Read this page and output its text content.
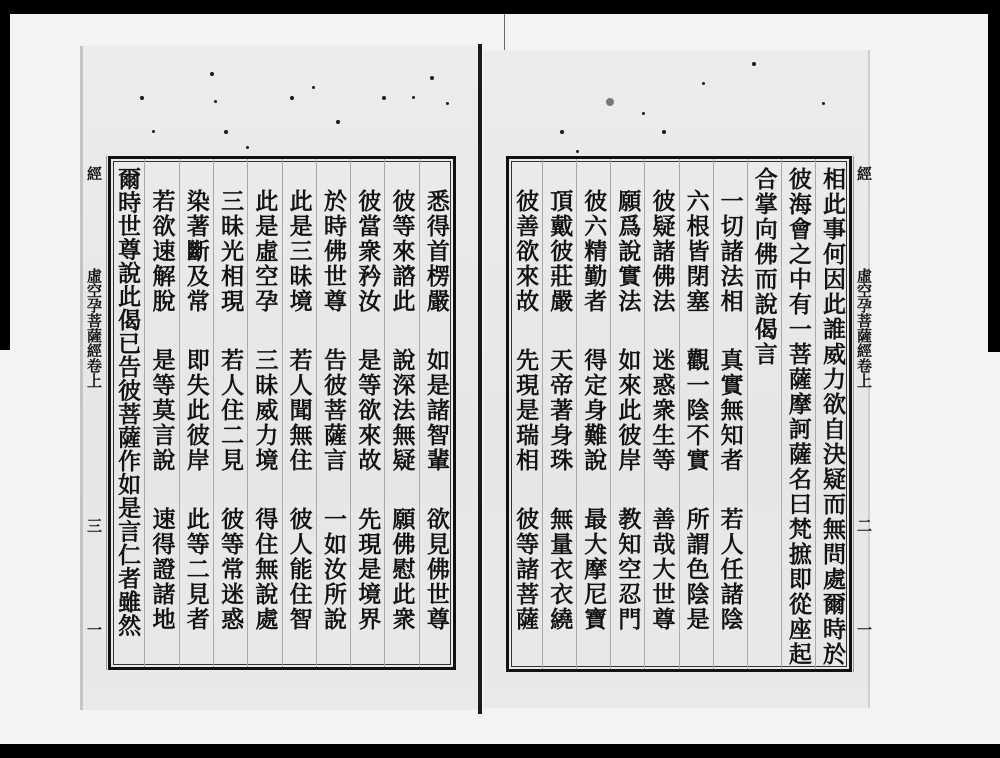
經
虛空孕菩薩經卷上
三
一
經
虛空孕菩薩經卷上
二
一
相此事何因此誰威力欲自決疑而無問處爾時於
彼海會之中有一菩薩摩訶薩名曰梵摭即從座起
合掌向佛而說偈言
一切諸法相
真實無知者
若人任諸陰
六根皆閉塞
觀一陰不實
所謂色陰是
彼疑諸佛法
迷惑衆生等
善哉大世尊
願爲說實法
如來此彼岸
教知空忍門
彼六精勤者
得定身難說
最大摩尼寶
頂戴彼莊嚴
天帝著身珠
無量衣衣繞
彼善欲來故
先現是瑞相
彼等諸菩薩
悉得首楞嚴
如是諸智輩
欲見佛世尊
彼等來諮此
說深法無疑
願佛慰此衆
彼當衆矜汝
是等欲來故
先現是境界
於時佛世尊
告彼菩薩言
一如汝所說
此是三昧境
若人聞無住
彼人能住智
此是虛空孕
三昧威力境
得住無說處
三昧光相現
若人住二見
彼等常迷惑
染著斷及常
即失此彼岸
此等二見者
若欲速解脫
是等莫言說
速得證諸地
爾時世尊說此偈已告彼菩薩作如是言仁者雖然
